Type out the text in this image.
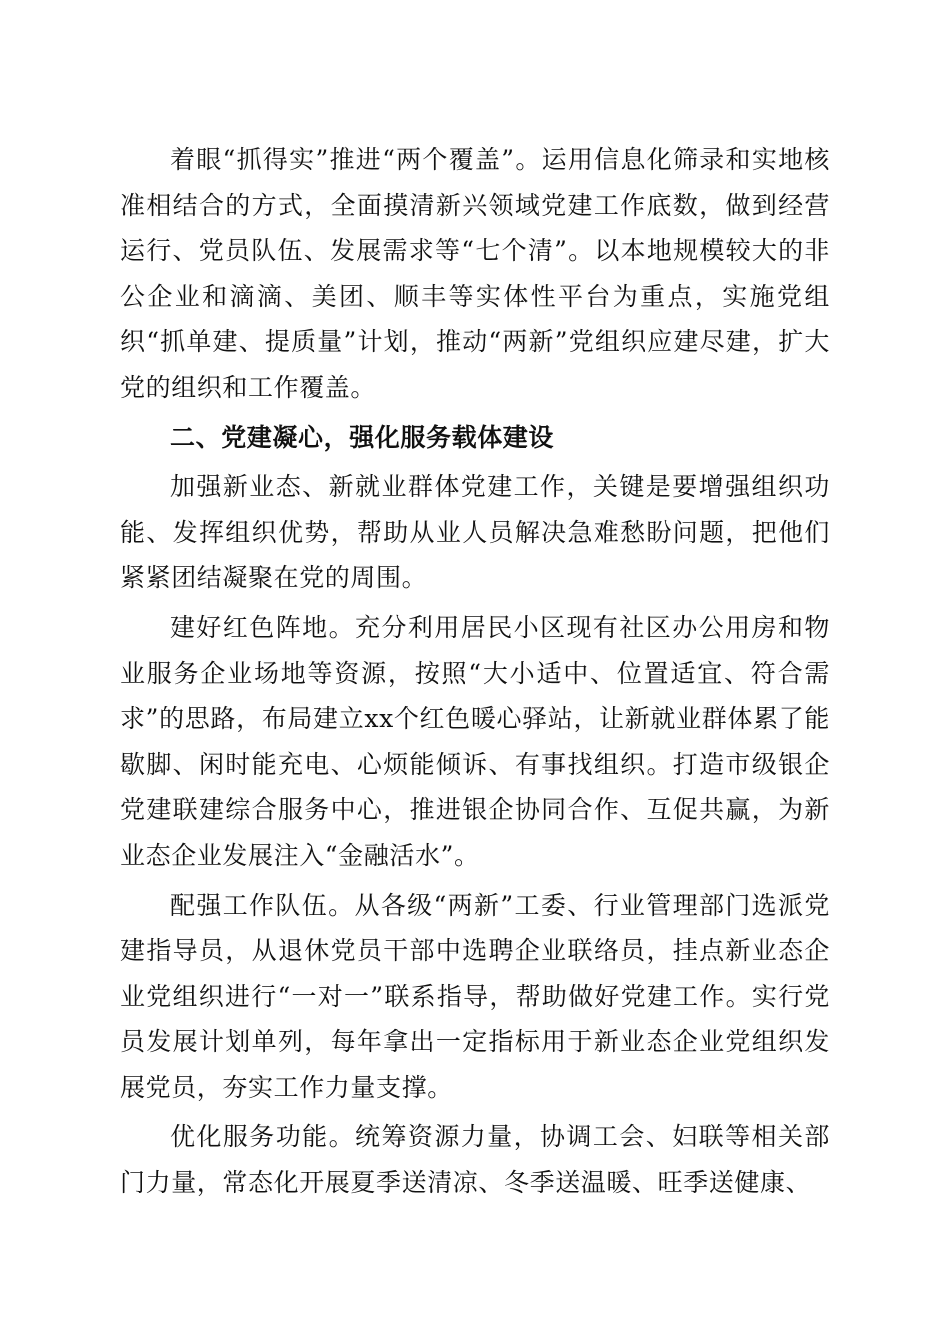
着眼“抓得实”推进“两个覆盖”。运用信息化筛录和实地核准相结合的方式，全面摸清新兴领域党建工作底数，做到经营运行、党员队伍、发展需求等“七个清”。以本地规模较大的非公企业和滴滴、美团、顺丰等实体性平台为重点，实施党组织“抓单建、提质量”计划，推动“两新”党组织应建尽建，扩大党的组织和工作覆盖。

二、党建凝心，强化服务载体建设

加强新业态、新就业群体党建工作，关键是要增强组织功能、发挥组织优势，帮助从业人员解决急难愁盼问题，把他们紧紧团结凝聚在党的周围。

建好红色阵地。充分利用居民小区现有社区办公用房和物业服务企业场地等资源，按照“大小适中、位置适宜、符合需求”的思路，布局建立xx个红色暖心驿站，让新就业群体累了能歇脚、闲时能充电、心烦能倾诉、有事找组织。打造市级银企党建联建综合服务中心，推进银企协同合作、互促共赢，为新业态企业发展注入“金融活水”。

配强工作队伍。从各级“两新”工委、行业管理部门选派党建指导员，从退休党员干部中选聘企业联络员，挂点新业态企业党组织进行“一对一”联系指导，帮助做好党建工作。实行党员发展计划单列，每年拿出一定指标用于新业态企业党组织发展党员，夯实工作力量支撑。

优化服务功能。统筹资源力量，协调工会、妇联等相关部门力量，常态化开展夏季送清凉、冬季送温暖、旺季送健康、
